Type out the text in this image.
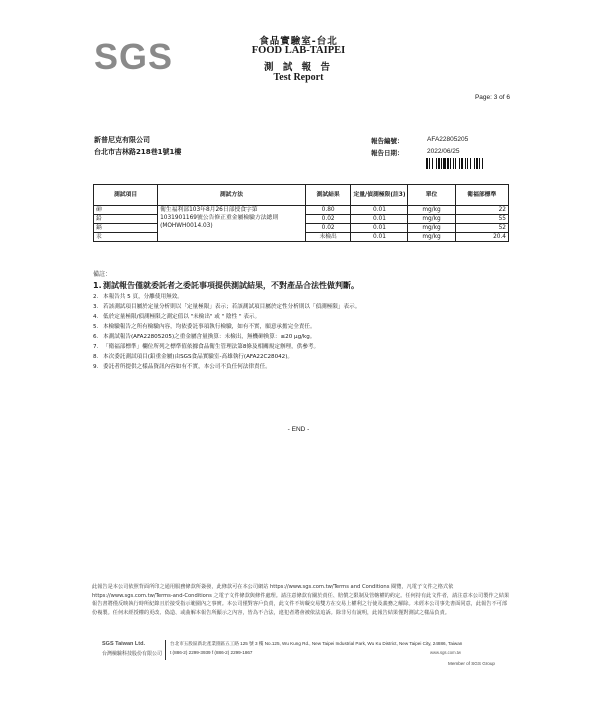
SGS	食品實驗室-台北
FOOD LAB-TAIPEI
測 試 報 告
Test Report
Page: 3 of 6
新普尼克有限公司
台北市吉林路218巷1號1樓
報告編號：	AFA22805205
報告日期：	2022/06/25
測試項目	測試方法	測試結果	定量/偵測極限(註3)	單位	衛福部標準
砷	衛生福利部103年8月26日部授食字第
1031901169號公告修正重金屬檢驗方法總則
(MOHWH0014.03)	0.80	0.01	mg/kg	22
鉛		0.02	0.01	mg/kg	55
鎘		0.02	0.01	mg/kg	52
汞		未檢出	0.01	mg/kg	20.4
備註：
1.測試報告僅就委託者之委託事項提供測試結果，不對產品合法性做判斷。
2. 本報告共 5 頁，分離使用無效。
3. 若該測試項目屬於定量分析則以「定量極限」表示；若該測試項目屬於定性分析則以「偵測極限」表示。
4. 低於定量極限/偵測極限之測定值以 "未檢出" 或 " 陰性 " 表示。
5. 本檢驗報告之所有檢驗內容，均依委託事項執行檢驗，如有不實，願意承擔完全責任。
6. 本測試報告(AFA22805205)之重金屬含量換算：未檢出，無機砷換算：≤20 μg/kg。
7. 「衛福部標準」欄位所列之標準值依據食品衛生管理法第8條及相關規定辦理，供參考。
8. 本次委託測試項目(鉛重金屬)由SGS食品實驗室-高雄執行(AFA22C28042)。
9. 委託者所提供之樣品資訊內容如有不實，本公司不負任何法律責任。
- END -
此報告是本公司依照背面所印之通用服務條款所簽發，此條款可在本公司網站 https://www.sgs.com.tw/Terms and Conditions 閱覽，凡電子文件之格式依 https://www.sgs.com.tw/Terms-and-Conditions 之電子文件條款與條件處理。請注意條款有關於責任、賠償之限制及管轄權的約定。任何持有此文件者，請注意本公司製作之結果報告書將僅反映執行時所紀錄且於接受指示範圍內之事實。本公司僅對客戶負責，此文件不妨礙交易雙方在交易上權利之行使及義務之解除。未經本公司事先書面同意，此報告不可部份複製。任何未經授權的更改、偽造、或曲解本報告所顯示之內容，皆為不合法，違犯者將會被依法追訴。除非另有說明，此報告結果僅對測試之樣品負責。
SGS Taiwan Ltd.
台灣檢驗科技股份有限公司
台北市五股區新北產業園區五工路 125 號 3 樓 No.125, Wu Kung Rd., New Taipei Industrial Park, Wu Ku District, New Taipei City, 24886, Taiwan
t (886-2) 2299-3939 f (886-2) 2299-1867	www.sgs.com.tw
Member of SGS Group
